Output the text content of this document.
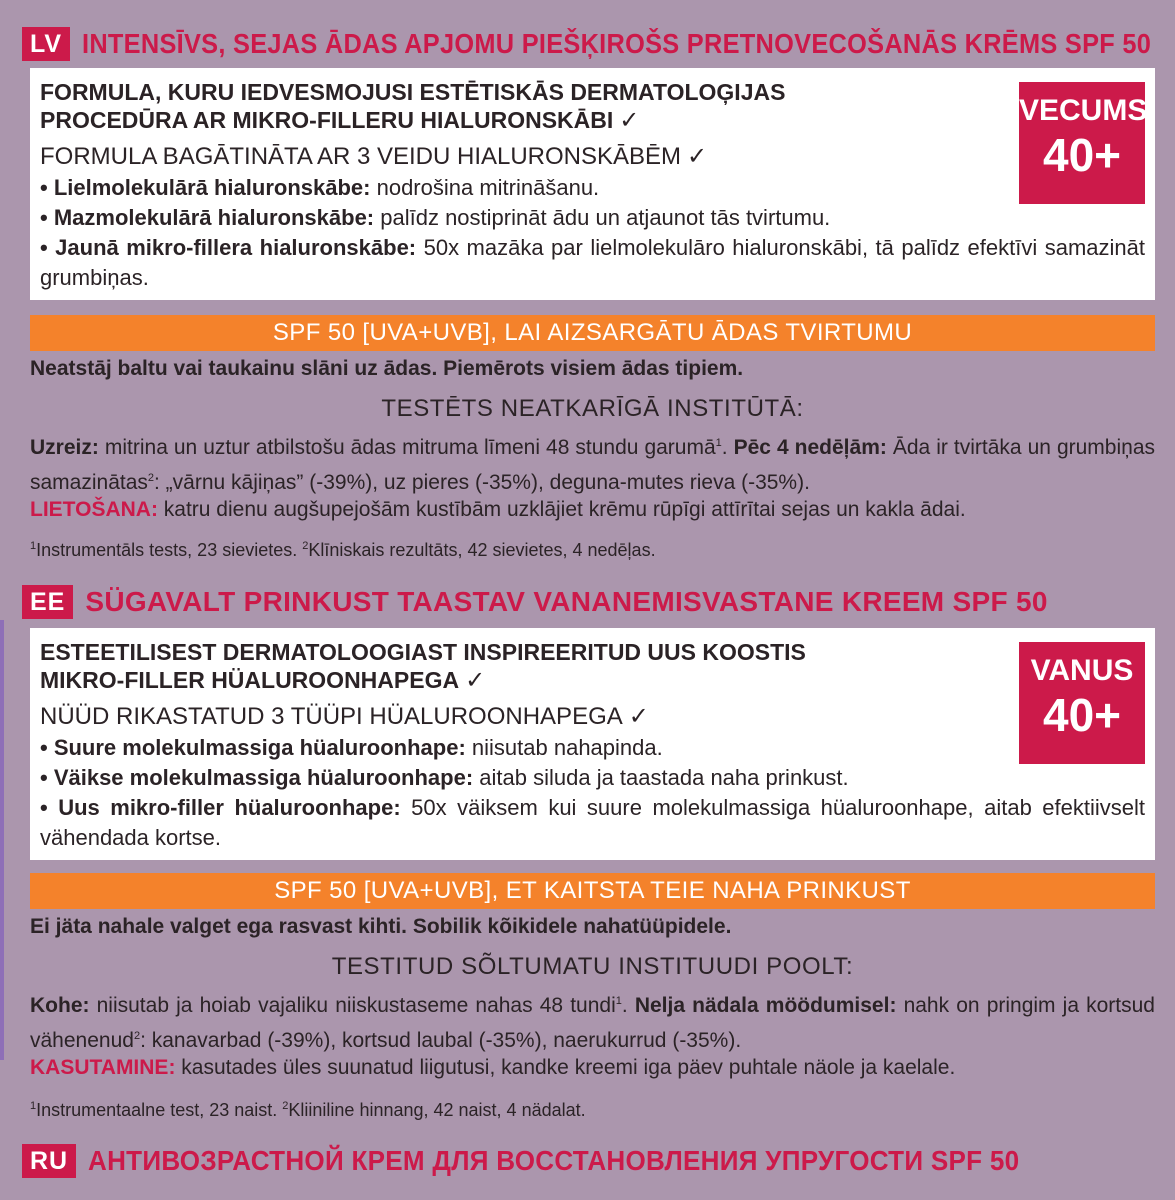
LV INTENSĪVS, SEJAS ĀDAS APJOMU PIEŠĶIROŠS PRETNOVECOŠANĀS KRĒMS SPF 50
FORMULA, KURU IEDVESMOJUSI ESTĒTISKĀS DERMATOLOĢIJAS PROCEDŪRA AR MIKRO-FILLERU HIALURONSKĀBI ✓
FORMULA BAGĀTINĀTA AR 3 VEIDU HIALURONSKĀBĒM ✓
• Lielmolekulārā hialuronskābe: nodrošina mitrināšanu.
• Mazmolekulārā hialuronskābe: palīdz nostiprināt ādu un atjaunot tās tvirtumu.
• Jaunā mikro-fillera hialuronskābe: 50x mazāka par lielmolekulāro hialuronskābi, tā palīdz efektīvi samazināt grumbiņas.
VECUMS
40+
SPF 50 [UVA+UVB], LAI AIZSARGĀTU ĀDAS TVIRTUMU
Neatstāj baltu vai taukainu slāni uz ādas. Piemērots visiem ādas tipiem.
TESTĒTS NEATKARĪGĀ INSTITŪTĀ:
Uzreiz: mitrina un uztur atbilstošu ādas mitruma līmeni 48 stundu garumā$^1$. Pēc 4 nedēļām: Āda ir tvirtāka un grumbiņas samazinātas$^2$: „vārnu kājiņas” (-39%), uz pieres (-35%), deguna-mutes rieva (-35%).
LIETOŠANA: katru dienu augšupejošām kustībām uzklājiet krēmu rūpīgi attīrītai sejas un kakla ādai.
$^1$Instrumentāls tests, 23 sievietes. $^2$Klīniskais rezultāts, 42 sievietes, 4 nedēļas.
EE SÜGAVALT PRINKUST TAASTAV VANANEMISVASTANE KREEM SPF 50
ESTEETILISEST DERMATOLOOGIAST INSPIREERITUD UUS KOOSTIS MIKRO-FILLER HÜALUROONHAPEGA ✓
NÜÜD RIKASTATUD 3 TÜÜPI HÜALUROONHAPEGA ✓
• Suure molekulmassiga hüaluroonhape: niisutab nahapinda.
• Väikse molekulmassiga hüaluroonhape: aitab siluda ja taastada naha prinkust.
• Uus mikro-filler hüaluroonhape: 50x väiksem kui suure molekulmassiga hüaluroonhape, aitab efektiivselt vähendada kortse.
VANUS
40+
SPF 50 [UVA+UVB], ET KAITSTA TEIE NAHA PRINKUST
Ei jäta nahale valget ega rasvast kihti. Sobilik kõikidele nahatüüpidele.
TESTITUD SÕLTUMATU INSTITUUDI POOLT:
Kohe: niisutab ja hoiab vajaliku niiskustaseme nahas 48 tundi$^1$. Nelja nädala möödumisel: nahk on pringim ja kortsud vähenenud$^2$: kanavarbad (-39%), kortsud laubal (-35%), naerukurrud (-35%).
KASUTAMINE: kasutades üles suunatud liigutusi, kandke kreemi iga päev puhtale näole ja kaelale.
$^1$Instrumentaalne test, 23 naist. $^2$Kliiniline hinnang, 42 naist, 4 nädalat.
RU АНТИВОЗРАСТНОЙ КРЕМ ДЛЯ ВОССТАНОВЛЕНИЯ УПРУГОСТИ SPF 50
